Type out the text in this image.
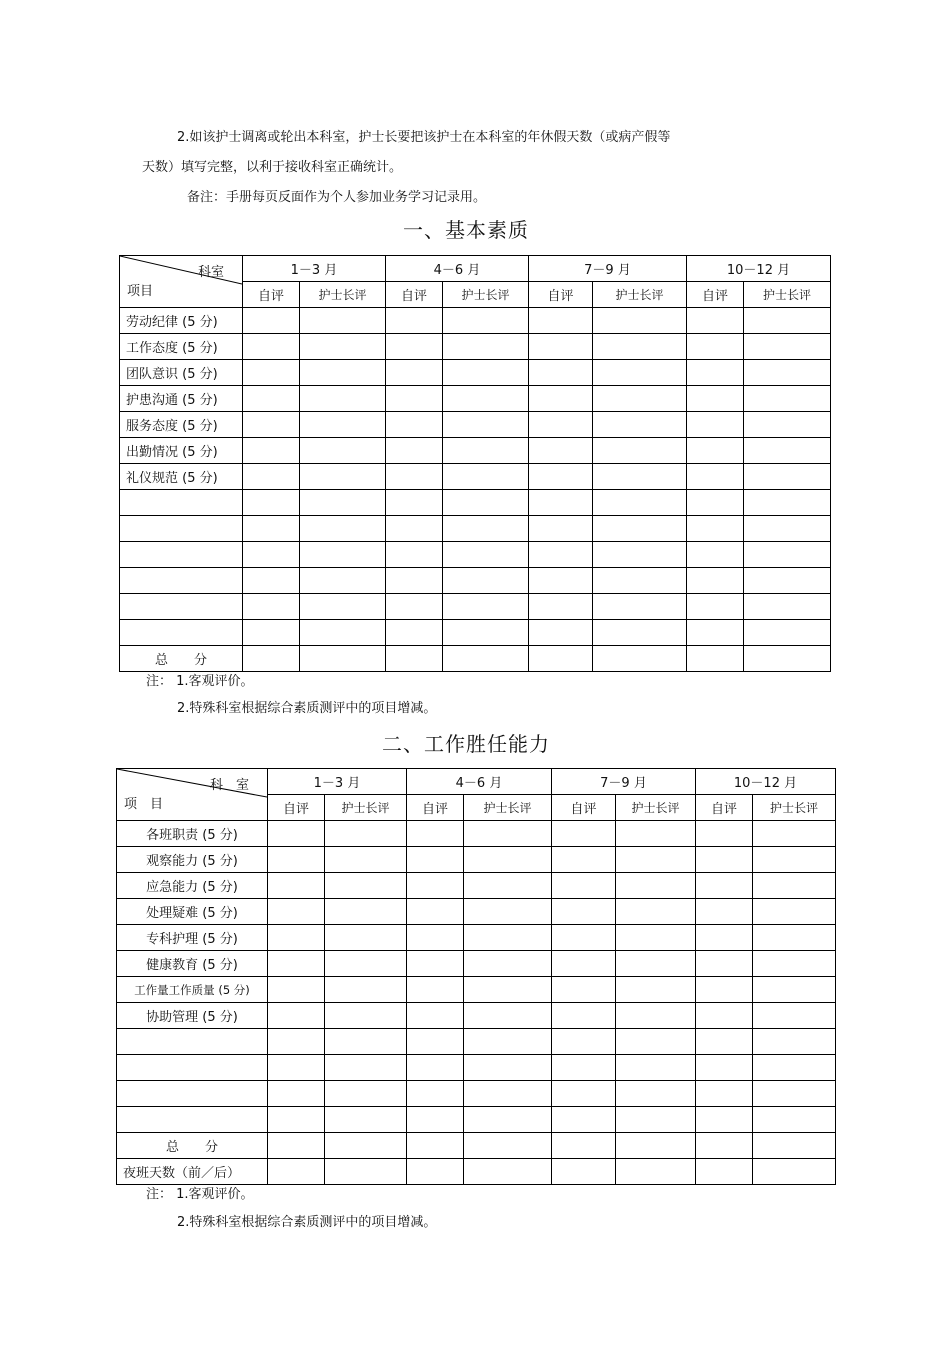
2.如该护士调离或轮出本科室，护士长要把该护士在本科室的年休假天数（或病产假等
天数）填写完整，以利于接收科室正确统计。
备注：手册每页反面作为个人参加业务学习记录用。
一、基本素质
科室
项目	1－3 月		4－6 月		7－9 月		10－12 月	
	自评	护士长评	自评	护士长评	自评	护士长评	自评	护士长评
劳动纪律 (5 分)								
工作态度 (5 分)								
团队意识 (5 分)								
护患沟通 (5 分)								
服务态度 (5 分)								
出勤情况 (5 分)								
礼仪规范 (5 分)								

总　　分								
注： 1.客观评价。
2.特殊科室根据综合素质测评中的项目增减。
二、工作胜任能力
科　室
项　目	1－3 月		4－6 月		7－9 月		10－12 月	
	自评	护士长评	自评	护士长评	自评	护士长评	自评	护士长评
各班职责 (5 分)								
观察能力 (5 分)								
应急能力 (5 分)								
处理疑难 (5 分)								
专科护理 (5 分)								
健康教育 (5 分)								
工作量工作质量 (5 分)								
协助管理 (5 分)								

总　　分								
夜班天数（前／后）								
注： 1.客观评价。
2.特殊科室根据综合素质测评中的项目增减。
